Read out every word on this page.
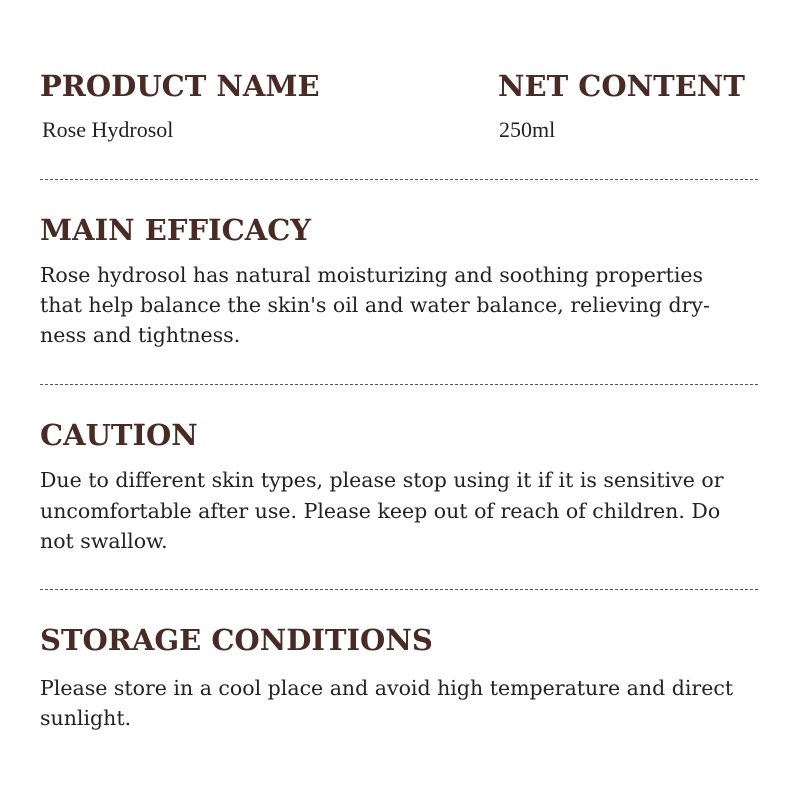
PRODUCT NAME

Rose Hydrosol

NET CONTENT

250ml

MAIN EFFICACY

Rose hydrosol has natural moisturizing and soothing properties

that help balance the skin's oil and water balance, relieving dry-

ness and tightness.

CAUTION

Due to different skin types, please stop using it if it is sensitive or

uncomfortable after use. Please keep out of reach of children. Do

not swallow.

STORAGE CONDITIONS

Please store in a cool place and avoid high temperature and direct

sunlight.
